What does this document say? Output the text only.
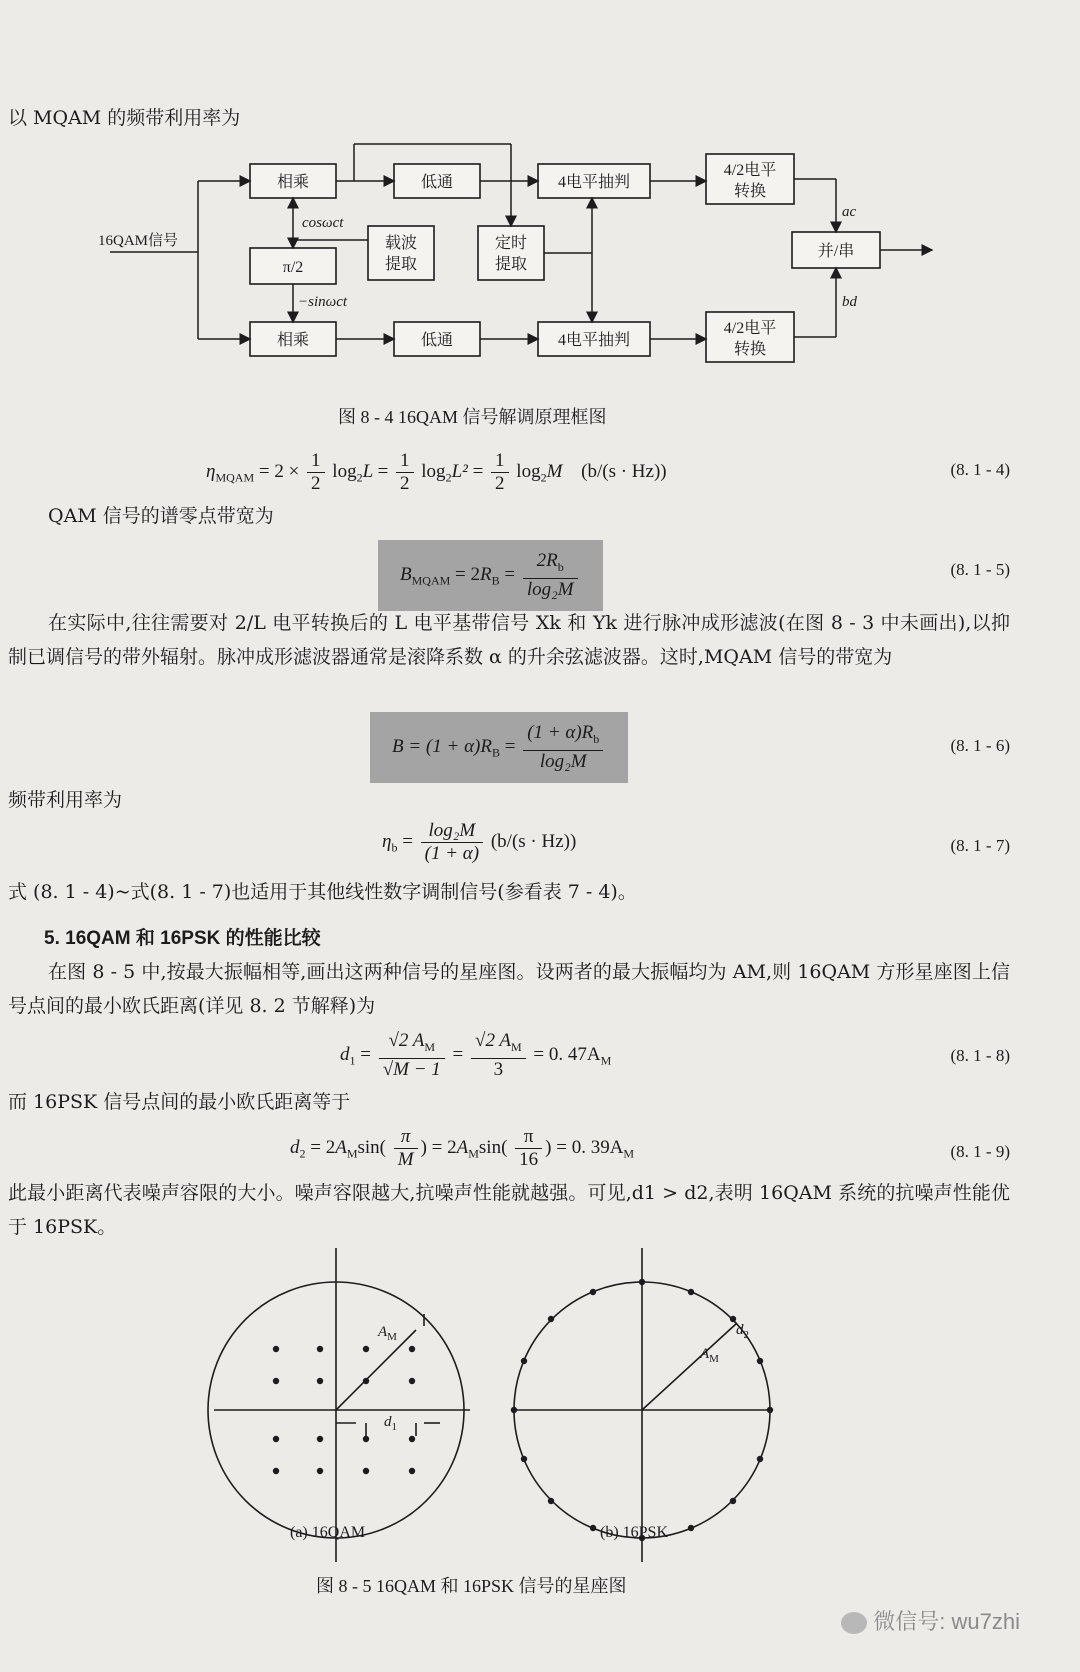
以 MQAM 的频带利用率为
相乘	低通	4电平抽判
4/2电平
转换
载波
提取
定时
提取
π/2
并/串
相乘	低通	4电平抽判
4/2电平
转换
16QAM信号
cosωct
−sinωct
ac
bd
图 8 - 4 16QAM 信号解调原理框图
$\eta_{MQAM} = 2 \times \frac{1}{2} \log_2L = \frac{1}{2} \log_2L^2 = \frac{1}{2} \log_2M$ (b/(s · Hz))	(8. 1 - 4)
QAM 信号的谱零点带宽为
$B_{MQAM} = 2R_B = \frac{2R_b}{\text{log₂M}}$	(8. 1 - 5)
在实际中,往往需要对 2/L 电平转换后的 L 电平基带信号 Xk 和 Yk 进行脉冲成形滤波(在图 8 - 3 中未画出),以抑制已调信号的带外辐射。脉冲成形滤波器通常是滚降系数 α 的升余弦滤波器。这时,MQAM 信号的带宽为
$B = (1 + \alpha)R_B = \frac{(1 + \alpha)R_b}{\text{log₂M}}$	(8. 1 - 6)
频带利用率为
$\eta_b = \frac{\text{log₂M}}{(1 + \alpha)} (b/(s \cdot Hz))$	(8. 1 - 7)
式 (8. 1 - 4)~式(8. 1 - 7)也适用于其他线性数字调制信号(参看表 7 - 4)。
5. 16QAM 和 16PSK 的性能比较
在图 8 - 5 中,按最大振幅相等,画出这两种信号的星座图。设两者的最大振幅均为 AM,则 16QAM 方形星座图上信号点间的最小欧氏距离(详见 8. 2 节解释)为
$d_1 = \frac{√2 A_M}{√M - 1} = \frac{√2 A_M}{3} = 0$. $47A_M$	(8. 1 - 8)
而 16PSK 信号点间的最小欧氏距离等于
$d_2 = 2A_M\sin( \frac{\pi}{M}$ ) = $2A_M\sin( \frac{\pi}{16}$ ) = 0. $39A_M$	(8. 1 - 9)
此最小距离代表噪声容限的大小。噪声容限越大,抗噪声性能就越强。可见,d1 > d2,表明 16QAM 系统的抗噪声性能优于 16PSK。
$A_M$
$d_1$
$A_M$
$d_2$
(a) 16QAM	(b) 16PSK
图 8 - 5 16QAM 和 16PSK 信号的星座图
微信号: wu7zhi
